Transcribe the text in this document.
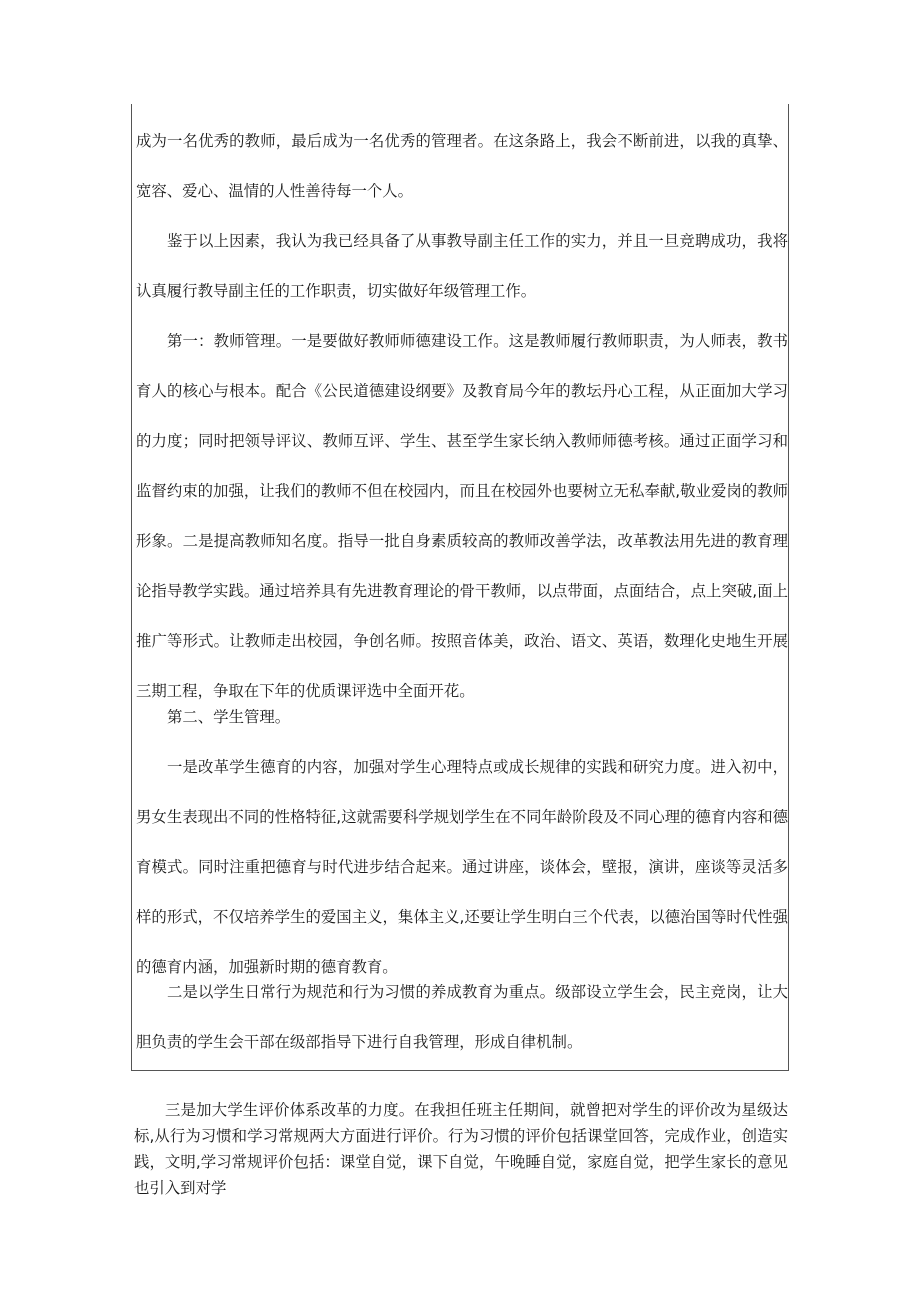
成为一名优秀的教师，最后成为一名优秀的管理者。在这条路上，我会不断前进，以我的真挚、宽容、爱心、温情的人性善待每一个人。

鉴于以上因素，我认为我已经具备了从事教导副主任工作的实力，并且一旦竞聘成功，我将认真履行教导副主任的工作职责，切实做好年级管理工作。

第一：教师管理。一是要做好教师师德建设工作。这是教师履行教师职责，为人师表，教书育人的核心与根本。配合《公民道德建设纲要》及教育局今年的教坛丹心工程，从正面加大学习的力度；同时把领导评议、教师互评、学生、甚至学生家长纳入教师师德考核。通过正面学习和监督约束的加强，让我们的教师不但在校园内，而且在校园外也要树立无私奉献,敬业爱岗的教师形象。二是提高教师知名度。指导一批自身素质较高的教师改善学法，改革教法用先进的教育理论指导教学实践。通过培养具有先进教育理论的骨干教师，以点带面，点面结合，点上突破,面上推广等形式。让教师走出校园，争创名师。按照音体美，政治、语文、英语，数理化史地生开展三期工程，争取在下年的优质课评选中全面开花。

第二、学生管理。

一是改革学生德育的内容，加强对学生心理特点或成长规律的实践和研究力度。进入初中，男女生表现出不同的性格特征,这就需要科学规划学生在不同年龄阶段及不同心理的德育内容和德育模式。同时注重把德育与时代进步结合起来。通过讲座，谈体会，壁报，演讲，座谈等灵活多样的形式，不仅培养学生的爱国主义，集体主义,还要让学生明白三个代表，以德治国等时代性强的德育内涵，加强新时期的德育教育。

二是以学生日常行为规范和行为习惯的养成教育为重点。级部设立学生会，民主竞岗，让大胆负责的学生会干部在级部指导下进行自我管理，形成自律机制。

三是加大学生评价体系改革的力度。在我担任班主任期间，就曾把对学生的评价改为星级达标,从行为习惯和学习常规两大方面进行评价。行为习惯的评价包括课堂回答，完成作业，创造实践，文明,学习常规评价包括：课堂自觉，课下自觉，午晚睡自觉，家庭自觉，把学生家长的意见也引入到对学
